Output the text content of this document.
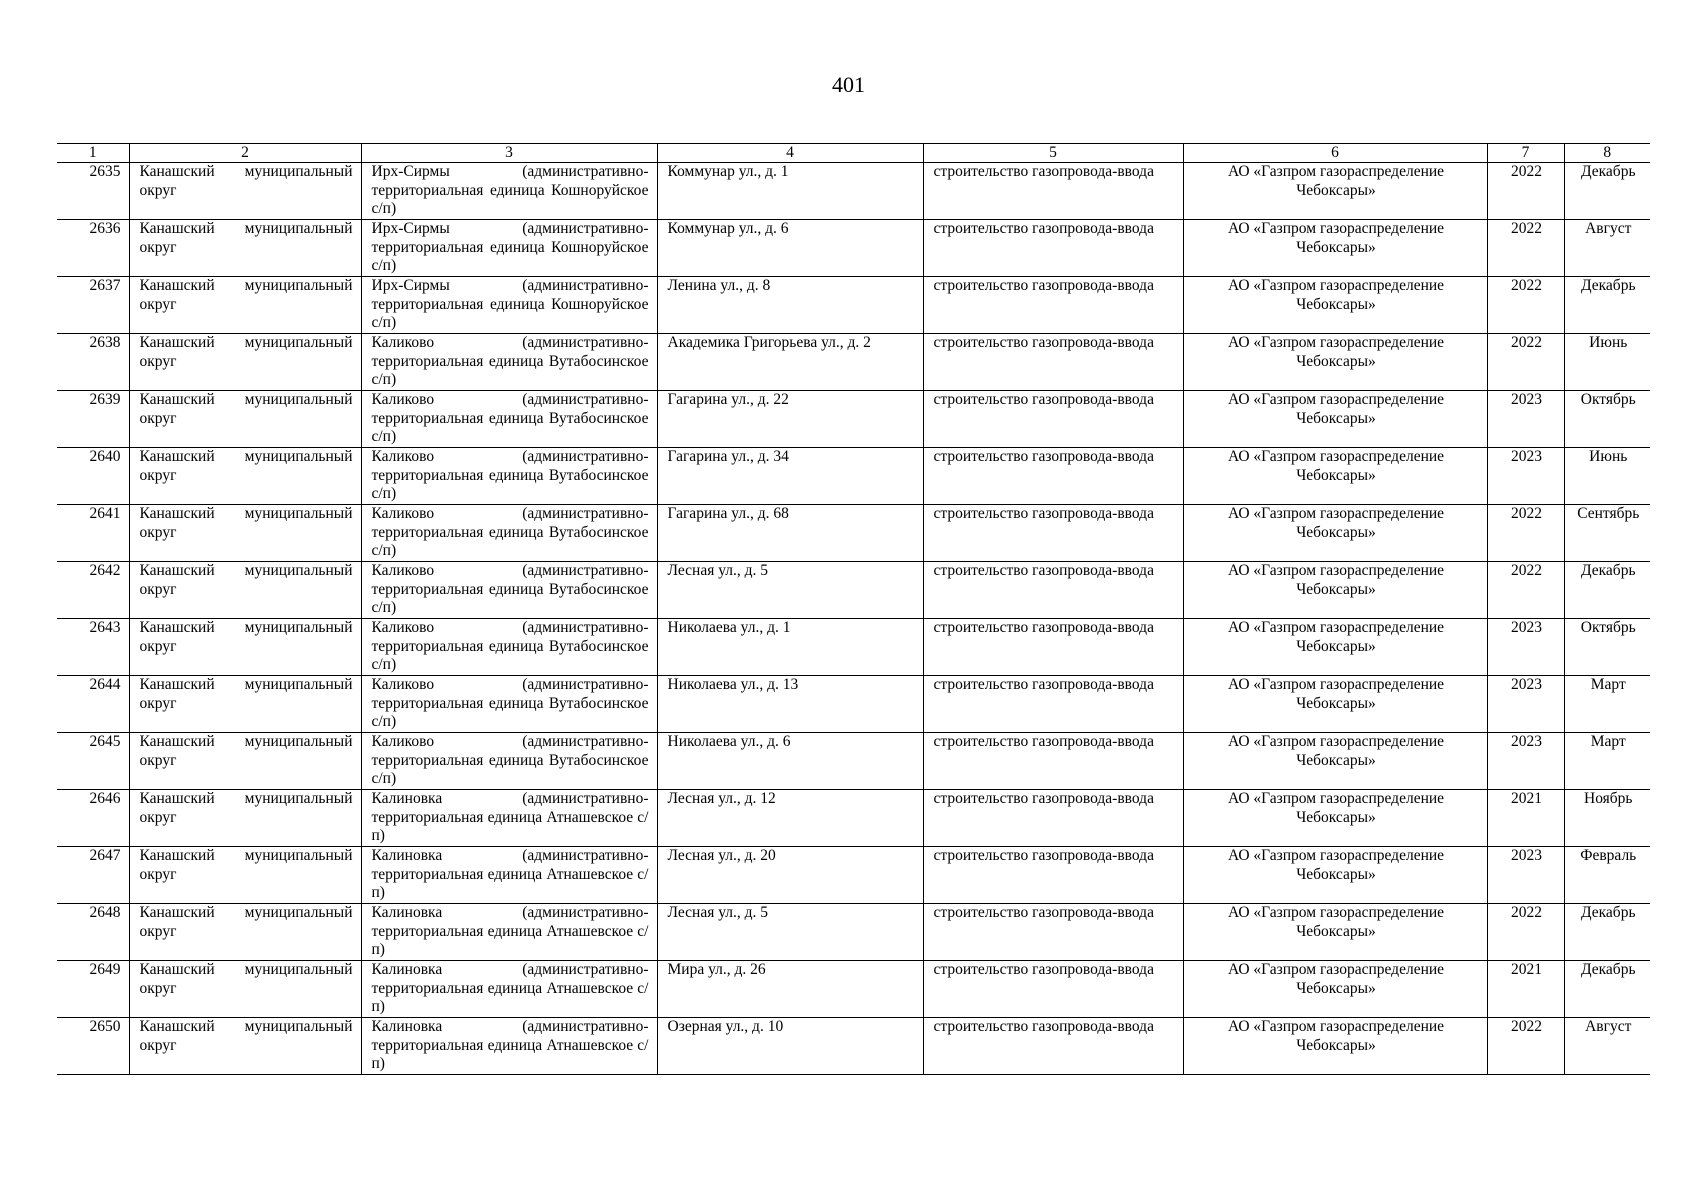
401
1	2	3	4	5	6	7	8
2635	Канашский муниципальный округ	Ирх-Сирмы (административно-территориальная единица Кошноруйское с/п)	Коммунар ул., д. 1	строительство газопровода-ввода	АО «Газпром газораспределение Чебоксары»	2022	Декабрь
2636	Канашский муниципальный округ	Ирх-Сирмы (административно-территориальная единица Кошноруйское с/п)	Коммунар ул., д. 6	строительство газопровода-ввода	АО «Газпром газораспределение Чебоксары»	2022	Август
2637	Канашский муниципальный округ	Ирх-Сирмы (административно-территориальная единица Кошноруйское с/п)	Ленина ул., д. 8	строительство газопровода-ввода	АО «Газпром газораспределение Чебоксары»	2022	Декабрь
2638	Канашский муниципальный округ	Каликово (административно-территориальная единица Вутабосинское с/п)	Академика Григорьева ул., д. 2	строительство газопровода-ввода	АО «Газпром газораспределение Чебоксары»	2022	Июнь
2639	Канашский муниципальный округ	Каликово (административно-территориальная единица Вутабосинское с/п)	Гагарина ул., д. 22	строительство газопровода-ввода	АО «Газпром газораспределение Чебоксары»	2023	Октябрь
2640	Канашский муниципальный округ	Каликово (административно-территориальная единица Вутабосинское с/п)	Гагарина ул., д. 34	строительство газопровода-ввода	АО «Газпром газораспределение Чебоксары»	2023	Июнь
2641	Канашский муниципальный округ	Каликово (административно-территориальная единица Вутабосинское с/п)	Гагарина ул., д. 68	строительство газопровода-ввода	АО «Газпром газораспределение Чебоксары»	2022	Сентябрь
2642	Канашский муниципальный округ	Каликово (административно-территориальная единица Вутабосинское с/п)	Лесная ул., д. 5	строительство газопровода-ввода	АО «Газпром газораспределение Чебоксары»	2022	Декабрь
2643	Канашский муниципальный округ	Каликово (административно-территориальная единица Вутабосинское с/п)	Николаева ул., д. 1	строительство газопровода-ввода	АО «Газпром газораспределение Чебоксары»	2023	Октябрь
2644	Канашский муниципальный округ	Каликово (административно-территориальная единица Вутабосинское с/п)	Николаева ул., д. 13	строительство газопровода-ввода	АО «Газпром газораспределение Чебоксары»	2023	Март
2645	Канашский муниципальный округ	Каликово (административно-территориальная единица Вутабосинское с/п)	Николаева ул., д. 6	строительство газопровода-ввода	АО «Газпром газораспределение Чебоксары»	2023	Март
2646	Канашский муниципальный округ	Калиновка (административно-территориальная единица Атнашевское с/п)	Лесная ул., д. 12	строительство газопровода-ввода	АО «Газпром газораспределение Чебоксары»	2021	Ноябрь
2647	Канашский муниципальный округ	Калиновка (административно-территориальная единица Атнашевское с/п)	Лесная ул., д. 20	строительство газопровода-ввода	АО «Газпром газораспределение Чебоксары»	2023	Февраль
2648	Канашский муниципальный округ	Калиновка (административно-территориальная единица Атнашевское с/п)	Лесная ул., д. 5	строительство газопровода-ввода	АО «Газпром газораспределение Чебоксары»	2022	Декабрь
2649	Канашский муниципальный округ	Калиновка (административно-территориальная единица Атнашевское с/п)	Мира ул., д. 26	строительство газопровода-ввода	АО «Газпром газораспределение Чебоксары»	2021	Декабрь
2650	Канашский муниципальный округ	Калиновка (административно-территориальная единица Атнашевское с/п)	Озерная ул., д. 10	строительство газопровода-ввода	АО «Газпром газораспределение Чебоксары»	2022	Август
